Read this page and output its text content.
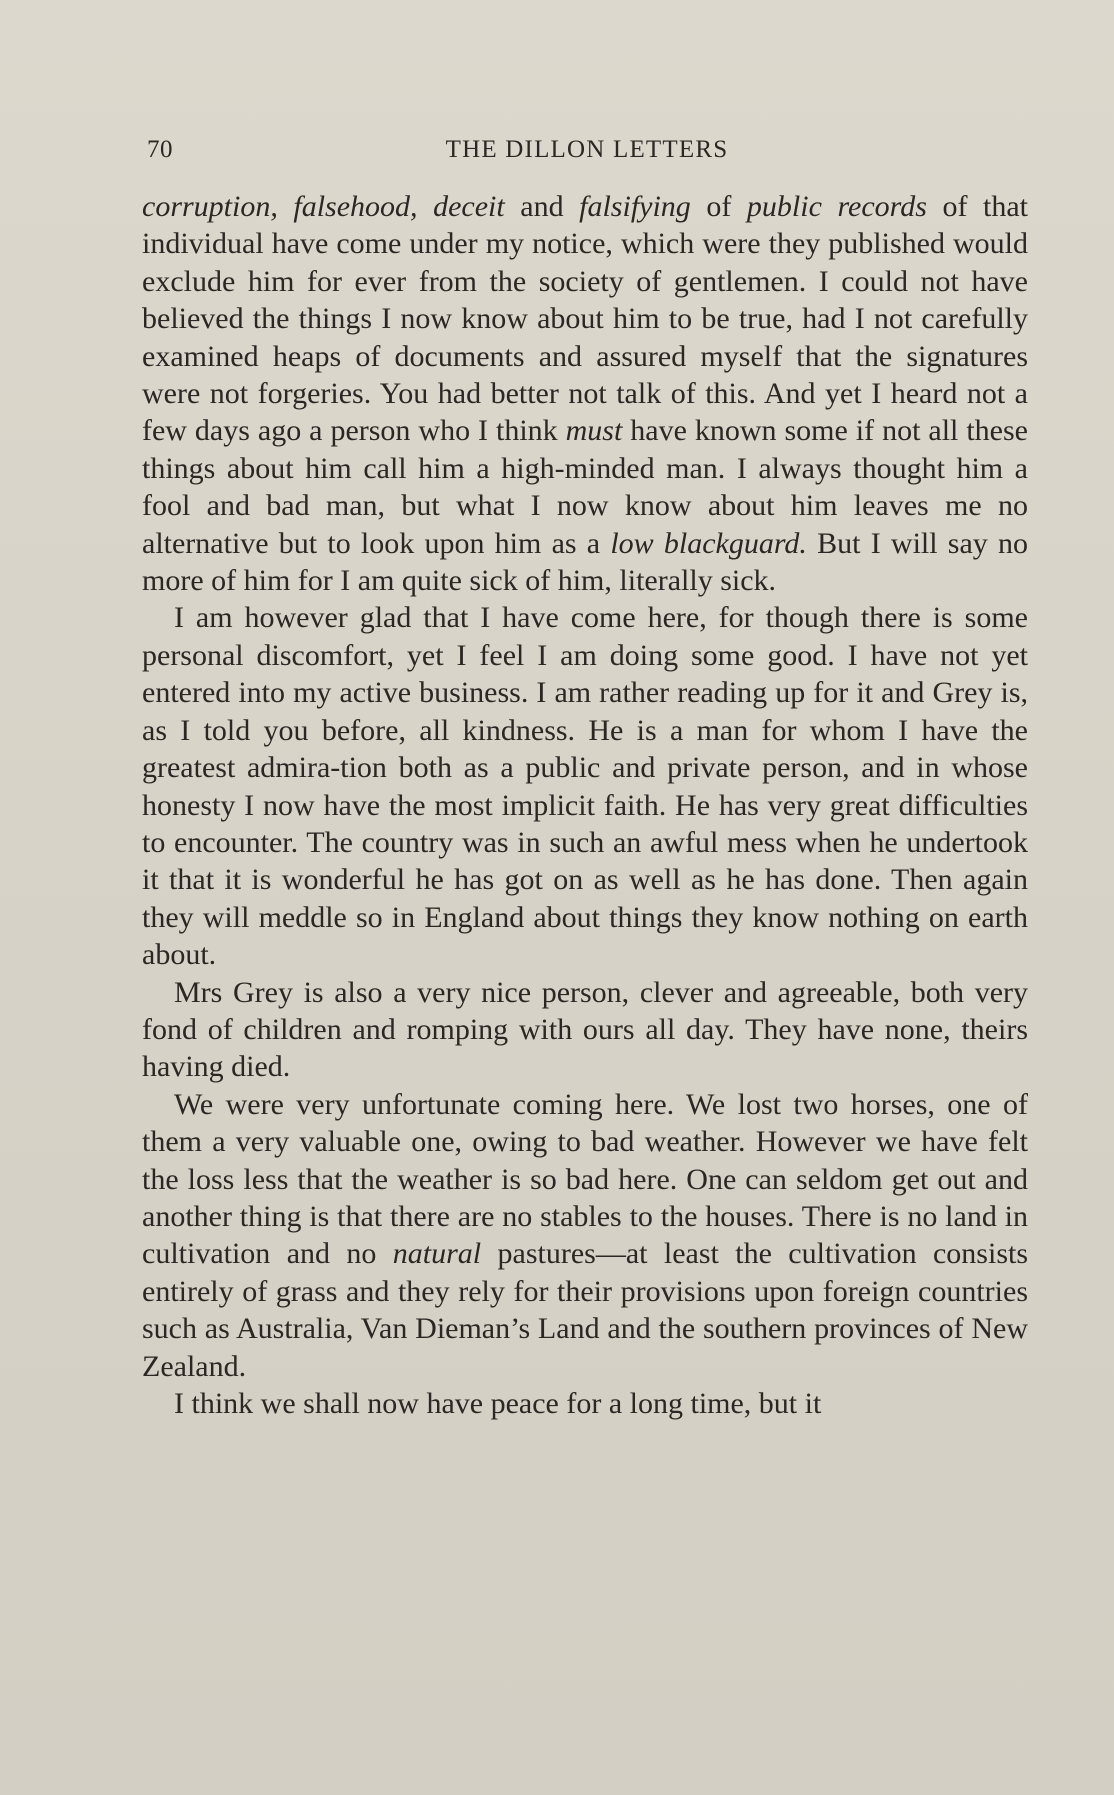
70	THE DILLON LETTERS

corruption, falsehood, deceit and falsifying of public records of that individual have come under my notice, which were they published would exclude him for ever from the society of gentlemen. I could not have believed the things I now know about him to be true, had I not carefully examined heaps of documents and assured myself that the signatures were not forgeries. You had better not talk of this. And yet I heard not a few days ago a person who I think must have known some if not all these things about him call him a high-minded man. I always thought him a fool and bad man, but what I now know about him leaves me no alternative but to look upon him as a low blackguard. But I will say no more of him for I am quite sick of him, literally sick.

I am however glad that I have come here, for though there is some personal discomfort, yet I feel I am doing some good. I have not yet entered into my active business. I am rather reading up for it and Grey is, as I told you before, all kindness. He is a man for whom I have the greatest admira-tion both as a public and private person, and in whose honesty I now have the most implicit faith. He has very great difficulties to encounter. The country was in such an awful mess when he undertook it that it is wonderful he has got on as well as he has done. Then again they will meddle so in England about things they know nothing on earth about.

Mrs Grey is also a very nice person, clever and agreeable, both very fond of children and romping with ours all day. They have none, theirs having died.

We were very unfortunate coming here. We lost two horses, one of them a very valuable one, owing to bad weather. However we have felt the loss less that the weather is so bad here. One can seldom get out and another thing is that there are no stables to the houses. There is no land in cultivation and no natural pastures—at least the cultivation consists entirely of grass and they rely for their provisions upon foreign countries such as Australia, Van Dieman’s Land and the southern provinces of New Zealand.

I think we shall now have peace for a long time, but it
